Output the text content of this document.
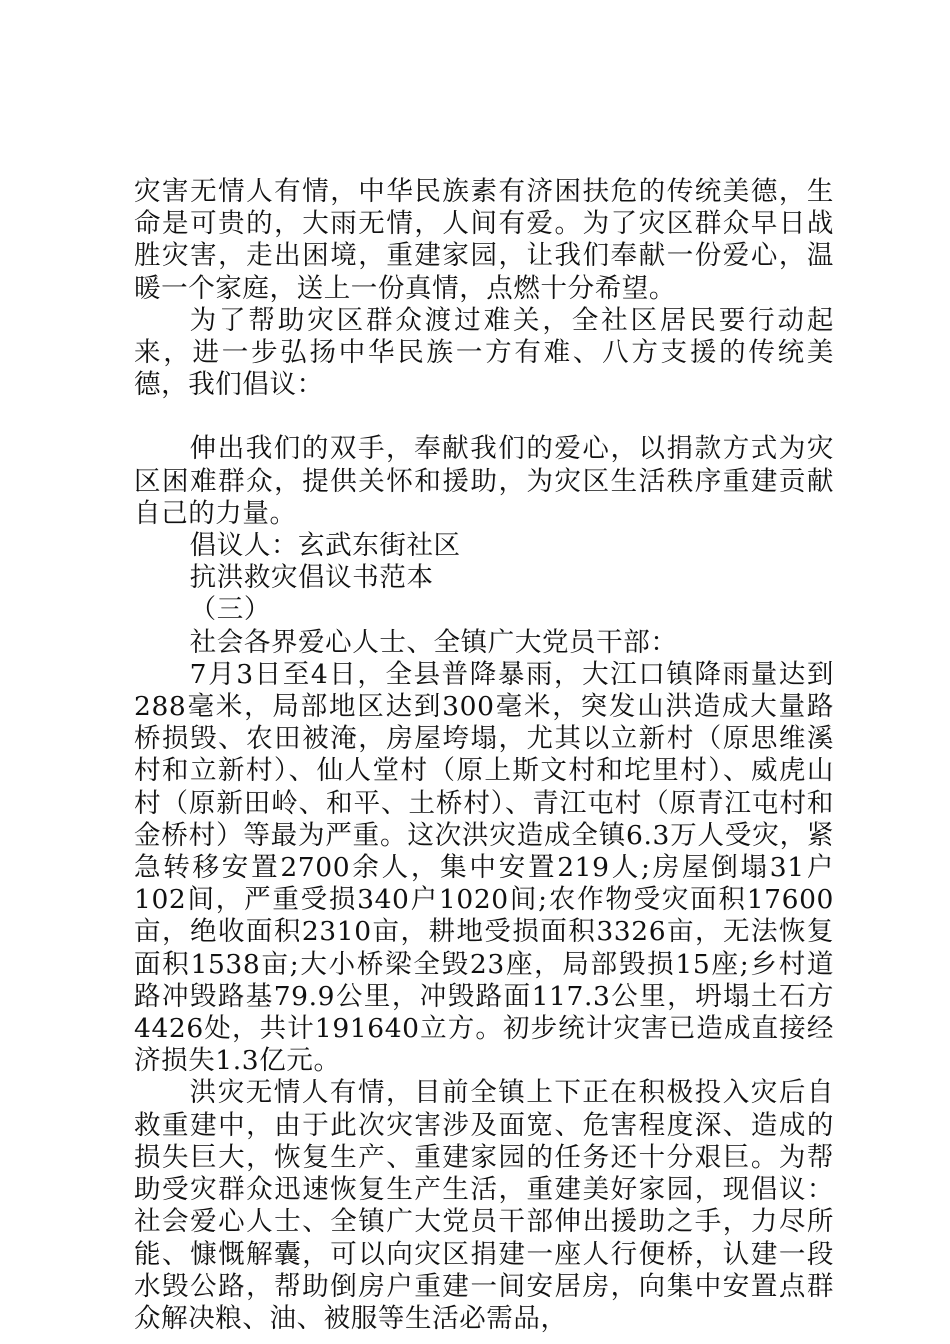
灾害无情人有情，中华民族素有济困扶危的传统美德，生命是可贵的，大雨无情，人间有爱。为了灾区群众早日战胜灾害，走出困境，重建家园，让我们奉献一份爱心，温暖一个家庭，送上一份真情，点燃十分希望。

为了帮助灾区群众渡过难关，全社区居民要行动起来，进一步弘扬中华民族一方有难、八方支援的传统美德，我们倡议：

伸出我们的双手，奉献我们的爱心，以捐款方式为灾区困难群众，提供关怀和援助，为灾区生活秩序重建贡献自己的力量。

倡议人：玄武东街社区

抗洪救灾倡议书范本

（三）

社会各界爱心人士、全镇广大党员干部：

7月3日至4日，全县普降暴雨，大江口镇降雨量达到288毫米，局部地区达到300毫米，突发山洪造成大量路桥损毁、农田被淹，房屋垮塌，尤其以立新村（原思维溪村和立新村）、仙人堂村（原上斯文村和坨里村）、威虎山村（原新田岭、和平、土桥村）、青江屯村（原青江屯村和金桥村）等最为严重。这次洪灾造成全镇6.3万人受灾，紧急转移安置2700余人，集中安置219人;房屋倒塌31户102间，严重受损340户1020间;农作物受灾面积17600亩，绝收面积2310亩，耕地受损面积3326亩，无法恢复面积1538亩;大小桥梁全毁23座，局部毁损15座;乡村道路冲毁路基79.9公里，冲毁路面117.3公里，坍塌土石方4426处，共计191640立方。初步统计灾害已造成直接经济损失1.3亿元。

洪灾无情人有情，目前全镇上下正在积极投入灾后自救重建中，由于此次灾害涉及面宽、危害程度深、造成的损失巨大，恢复生产、重建家园的任务还十分艰巨。为帮助受灾群众迅速恢复生产生活，重建美好家园，现倡议：社会爱心人士、全镇广大党员干部伸出援助之手，力尽所能、慷慨解囊，可以向灾区捐建一座人行便桥，认建一段水毁公路，帮助倒房户重建一间安居房，向集中安置点群众解决粮、油、被服等生活必需品，
